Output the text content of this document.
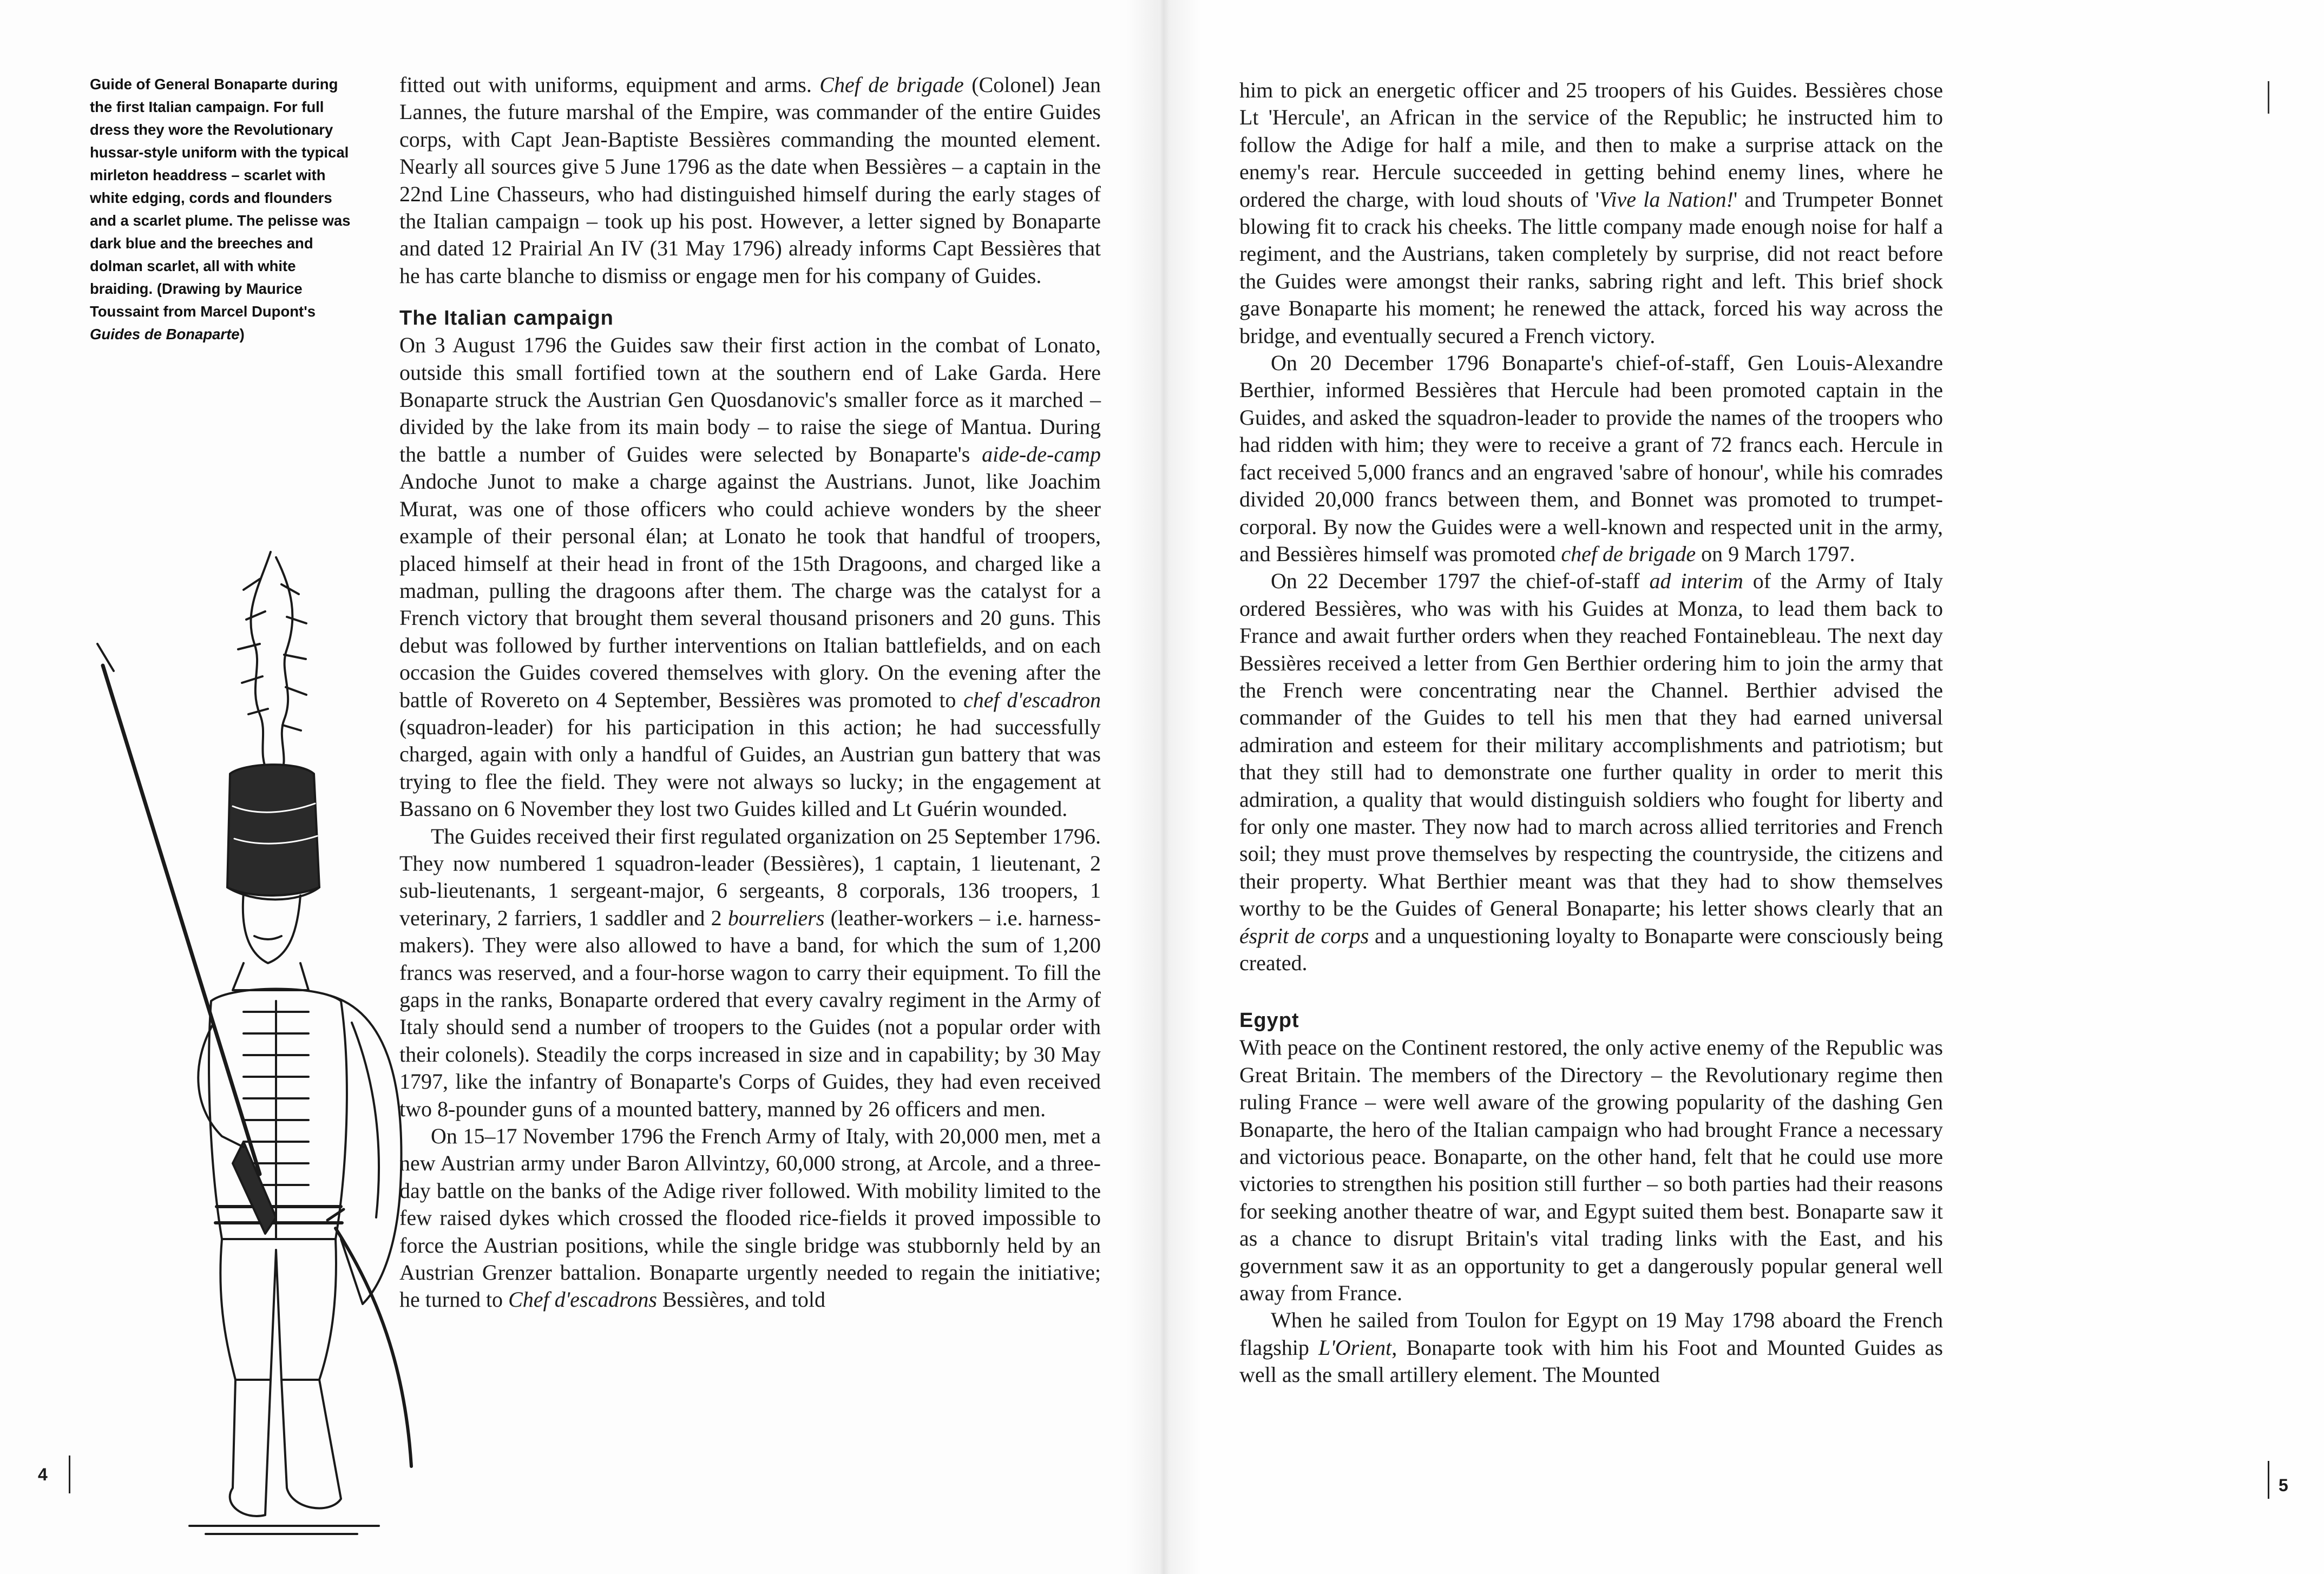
Guide of General Bonaparte during the first Italian campaign. For full dress they wore the Revolutionary hussar-style uniform with the typical mirleton headdress – scarlet with white edging, cords and flounders and a scarlet plume. The pelisse was dark blue and the breeches and dolman scarlet, all with white braiding. (Drawing by Maurice Toussaint from Marcel Dupont's Guides de Bonaparte)

fitted out with uniforms, equipment and arms. Chef de brigade (Colonel) Jean Lannes, the future marshal of the Empire, was commander of the entire Guides corps, with Capt Jean-Baptiste Bessières commanding the mounted element. Nearly all sources give 5 June 1796 as the date when Bessières – a captain in the 22nd Line Chasseurs, who had distinguished himself during the early stages of the Italian campaign – took up his post. However, a letter signed by Bonaparte and dated 12 Prairial An IV (31 May 1796) already informs Capt Bessières that he has carte blanche to dismiss or engage men for his company of Guides.

The Italian campaign

On 3 August 1796 the Guides saw their first action in the combat of Lonato, outside this small fortified town at the southern end of Lake Garda. Here Bonaparte struck the Austrian Gen Quosdanovic's smaller force as it marched – divided by the lake from its main body – to raise the siege of Mantua. During the battle a number of Guides were selected by Bonaparte's aide-de-camp Andoche Junot to make a charge against the Austrians. Junot, like Joachim Murat, was one of those officers who could achieve wonders by the sheer example of their personal élan; at Lonato he took that handful of troopers, placed himself at their head in front of the 15th Dragoons, and charged like a madman, pulling the dragoons after them. The charge was the catalyst for a French victory that brought them several thousand prisoners and 20 guns. This debut was followed by further interventions on Italian battlefields, and on each occasion the Guides covered themselves with glory. On the evening after the battle of Rovereto on 4 September, Bessières was promoted to chef d'escadron (squadron-leader) for his participation in this action; he had successfully charged, again with only a handful of Guides, an Austrian gun battery that was trying to flee the field. They were not always so lucky; in the engagement at Bassano on 6 November they lost two Guides killed and Lt Guérin wounded.

The Guides received their first regulated organization on 25 September 1796. They now numbered 1 squadron-leader (Bessières), 1 captain, 1 lieutenant, 2 sub-lieutenants, 1 sergeant-major, 6 sergeants, 8 corporals, 136 troopers, 1 veterinary, 2 farriers, 1 saddler and 2 bourreliers (leather-workers – i.e. harness-makers). They were also allowed to have a band, for which the sum of 1,200 francs was reserved, and a four-horse wagon to carry their equipment. To fill the gaps in the ranks, Bonaparte ordered that every cavalry regiment in the Army of Italy should send a number of troopers to the Guides (not a popular order with their colonels). Steadily the corps increased in size and in capability; by 30 May 1797, like the infantry of Bonaparte's Corps of Guides, they had even received two 8-pounder guns of a mounted battery, manned by 26 officers and men.

On 15–17 November 1796 the French Army of Italy, with 20,000 men, met a new Austrian army under Baron Allvintzy, 60,000 strong, at Arcole, and a three-day battle on the banks of the Adige river followed. With mobility limited to the few raised dykes which crossed the flooded rice-fields it proved impossible to force the Austrian positions, while the single bridge was stubbornly held by an Austrian Grenzer battalion. Bonaparte urgently needed to regain the initiative; he turned to Chef d'escadrons Bessières, and told

him to pick an energetic officer and 25 troopers of his Guides. Bessières chose Lt 'Hercule', an African in the service of the Republic; he instructed him to follow the Adige for half a mile, and then to make a surprise attack on the enemy's rear. Hercule succeeded in getting behind enemy lines, where he ordered the charge, with loud shouts of 'Vive la Nation!' and Trumpeter Bonnet blowing fit to crack his cheeks. The little company made enough noise for half a regiment, and the Austrians, taken completely by surprise, did not react before the Guides were amongst their ranks, sabring right and left. This brief shock gave Bonaparte his moment; he renewed the attack, forced his way across the bridge, and eventually secured a French victory.

On 20 December 1796 Bonaparte's chief-of-staff, Gen Louis-Alexandre Berthier, informed Bessières that Hercule had been promoted captain in the Guides, and asked the squadron-leader to provide the names of the troopers who had ridden with him; they were to receive a grant of 72 francs each. Hercule in fact received 5,000 francs and an engraved 'sabre of honour', while his comrades divided 20,000 francs between them, and Bonnet was promoted to trumpet-corporal. By now the Guides were a well-known and respected unit in the army, and Bessières himself was promoted chef de brigade on 9 March 1797.

On 22 December 1797 the chief-of-staff ad interim of the Army of Italy ordered Bessières, who was with his Guides at Monza, to lead them back to France and await further orders when they reached Fontainebleau. The next day Bessières received a letter from Gen Berthier ordering him to join the army that the French were concentrating near the Channel. Berthier advised the commander of the Guides to tell his men that they had earned universal admiration and esteem for their military accomplishments and patriotism; but that they still had to demonstrate one further quality in order to merit this admiration, a quality that would distinguish soldiers who fought for liberty and for only one master. They now had to march across allied territories and French soil; they must prove themselves by respecting the countryside, the citizens and their property. What Berthier meant was that they had to show themselves worthy to be the Guides of General Bonaparte; his letter shows clearly that an ésprit de corps and a unquestioning loyalty to Bonaparte were consciously being created.

Egypt

With peace on the Continent restored, the only active enemy of the Republic was Great Britain. The members of the Directory – the Revolutionary regime then ruling France – were well aware of the growing popularity of the dashing Gen Bonaparte, the hero of the Italian campaign who had brought France a necessary and victorious peace. Bonaparte, on the other hand, felt that he could use more victories to strengthen his position still further – so both parties had their reasons for seeking another theatre of war, and Egypt suited them best. Bonaparte saw it as a chance to disrupt Britain's vital trading links with the East, and his government saw it as an opportunity to get a dangerously popular general well away from France.

When he sailed from Toulon for Egypt on 19 May 1798 aboard the French flagship L'Orient, Bonaparte took with him his Foot and Mounted Guides as well as the small artillery element. The Mounted

4
5
